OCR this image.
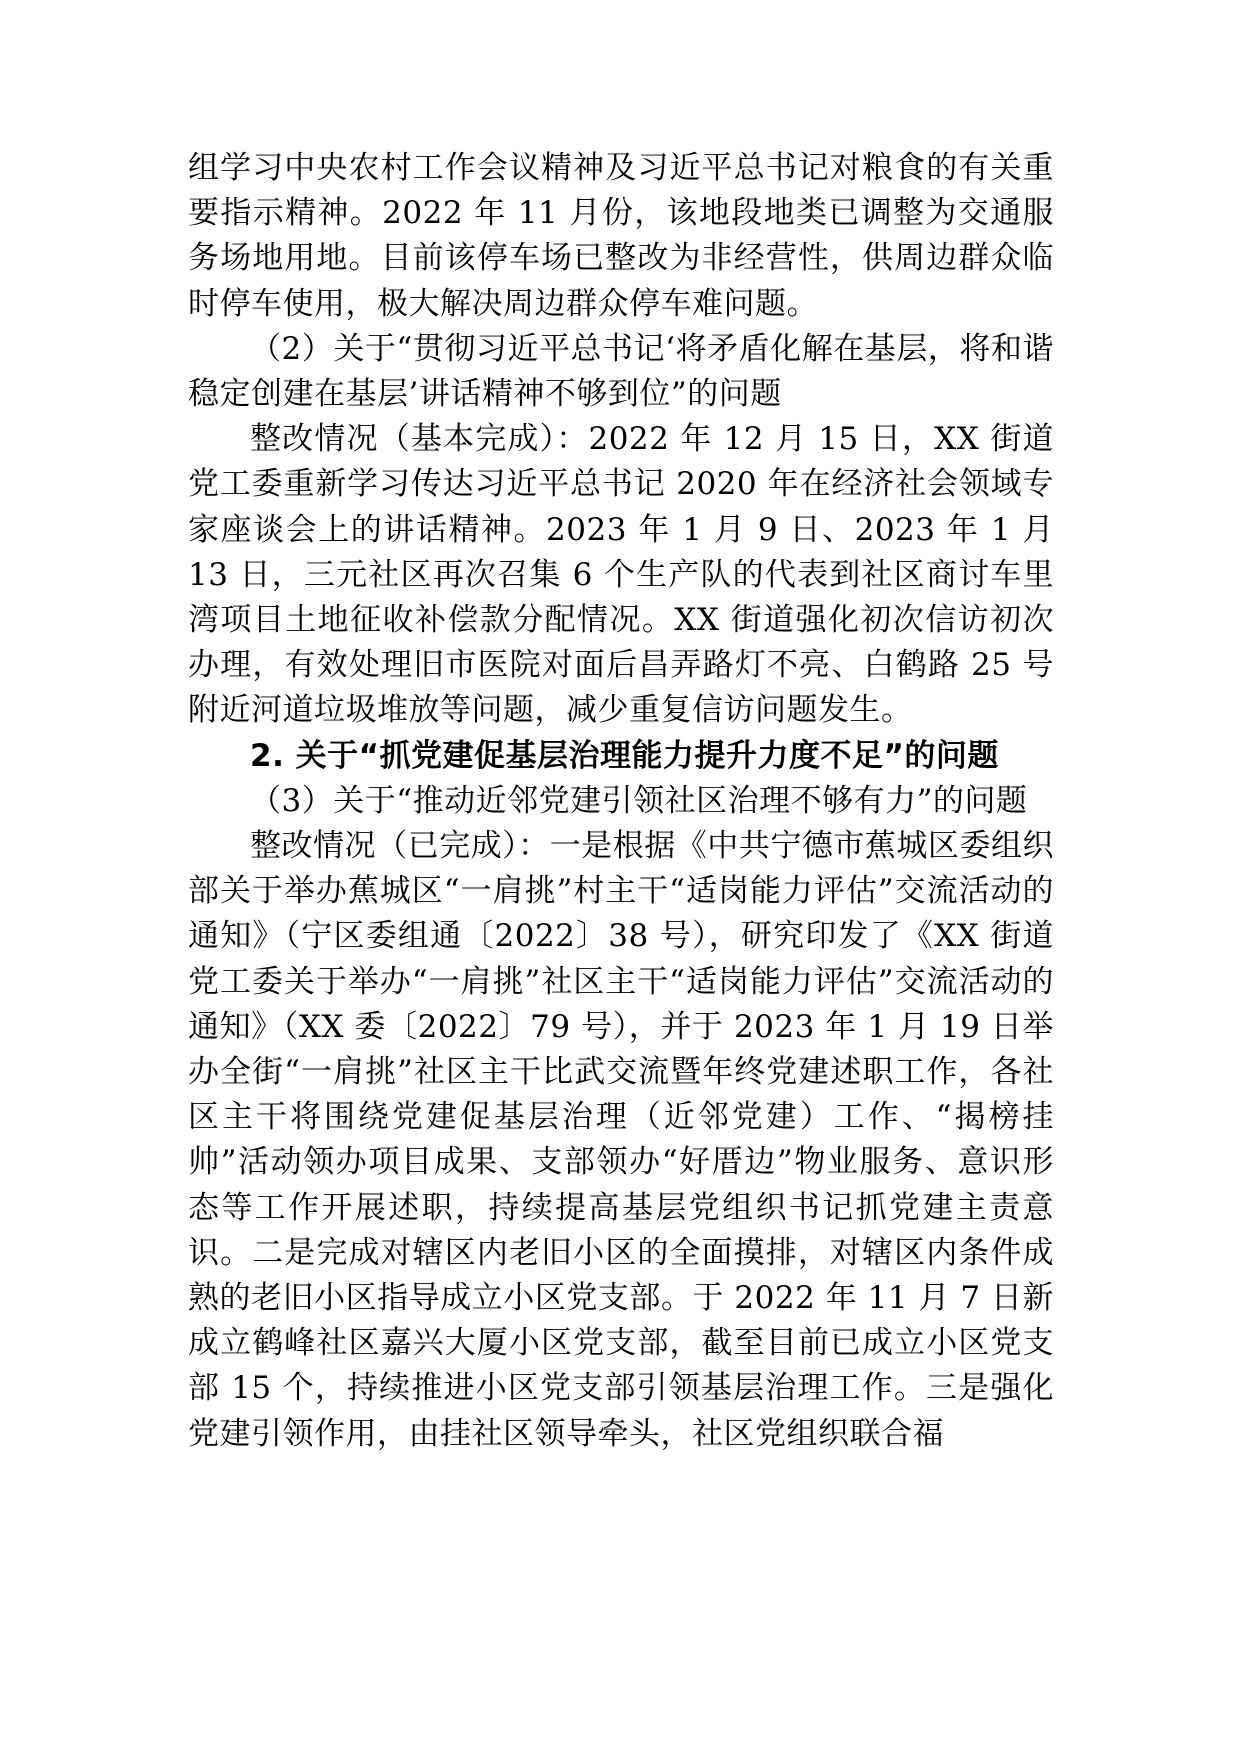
组学习中央农村工作会议精神及习近平总书记对粮食的有关重要指示精神。2022 年 11 月份，该地段地类已调整为交通服务场地用地。目前该停车场已整改为非经营性，供周边群众临时停车使用，极大解决周边群众停车难问题。

（2）关于“贯彻习近平总书记‘将矛盾化解在基层，将和谐稳定创建在基层’讲话精神不够到位”的问题

整改情况（基本完成）：2022 年 12 月 15 日，XX 街道党工委重新学习传达习近平总书记 2020 年在经济社会领域专家座谈会上的讲话精神。2023 年 1 月 9 日、2023 年 1 月 13 日，三元社区再次召集 6 个生产队的代表到社区商讨车里湾项目土地征收补偿款分配情况。XX 街道强化初次信访初次办理，有效处理旧市医院对面后昌弄路灯不亮、白鹤路 25 号附近河道垃圾堆放等问题，减少重复信访问题发生。

2. 关于“抓党建促基层治理能力提升力度不足”的问题

（3）关于“推动近邻党建引领社区治理不够有力”的问题

整改情况（已完成）：一是根据《中共宁德市蕉城区委组织部关于举办蕉城区“一肩挑”村主干“适岗能力评估”交流活动的通知》（宁区委组通〔2022〕38 号），研究印发了《XX 街道党工委关于举办“一肩挑”社区主干“适岗能力评估”交流活动的通知》（XX 委〔2022〕79 号），并于 2023 年 1 月 19 日举办全街“一肩挑”社区主干比武交流暨年终党建述职工作，各社区主干将围绕党建促基层治理（近邻党建）工作、“揭榜挂帅”活动领办项目成果、支部领办“好厝边”物业服务、意识形态等工作开展述职，持续提高基层党组织书记抓党建主责意识。二是完成对辖区内老旧小区的全面摸排，对辖区内条件成熟的老旧小区指导成立小区党支部。于 2022 年 11 月 7 日新成立鹤峰社区嘉兴大厦小区党支部，截至目前已成立小区党支部 15 个，持续推进小区党支部引领基层治理工作。三是强化党建引领作用，由挂社区领导牵头，社区党组织联合福
